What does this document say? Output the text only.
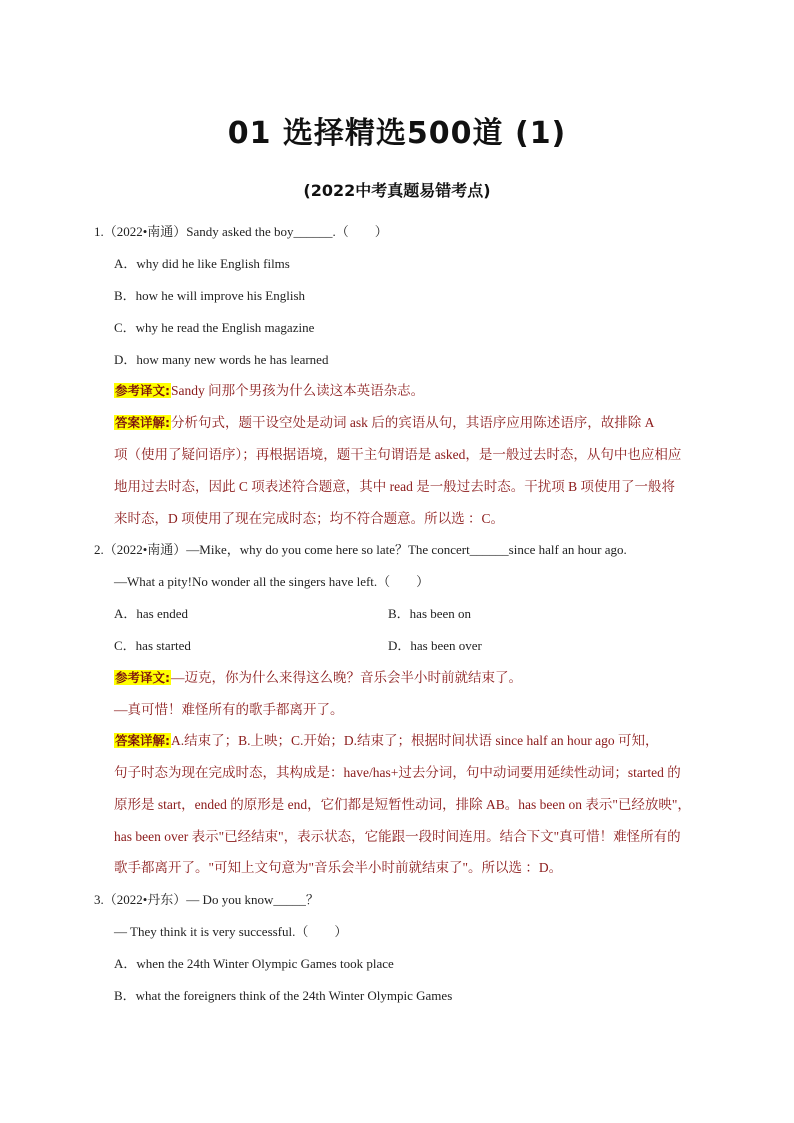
01 选择精选500道 (1)
(2022中考真题易错考点)
1.（2022•南通）Sandy asked the boy______.（　　）
A．why did he like English films
B．how he will improve his English
C．why he read the English magazine
D．how many new words he has learned
参考译文:Sandy 问那个男孩为什么读这本英语杂志。
答案详解:分析句式，题干设空处是动词 ask 后的宾语从句，其语序应用陈述语序，故排除 A
项（使用了疑问语序）；再根据语境，题干主句谓语是 asked，是一般过去时态，从句中也应相应
地用过去时态，因此 C 项表述符合题意，其中 read 是一般过去时态。干扰项 B 项使用了一般将
来时态，D 项使用了现在完成时态；均不符合题意。所以选 ：C。
2.（2022•南通）—Mike，why do you come here so late？The concert______since half an hour ago.
—What a pity!No wonder all the singers have left.（　　）
A．has ended	B．has been on
C．has started	D．has been over
参考译文:—迈克，你为什么来得这么晚？音乐会半小时前就结束了。
—真可惜！难怪所有的歌手都离开了。
答案详解:A.结束了；B.上映；C.开始；D.结束了；根据时间状语 since half an hour ago 可知，
句子时态为现在完成时态，其构成是：have/has+过去分词，句中动词要用延续性动词；started 的
原形是 start，ended 的原形是 end，它们都是短暂性动词，排除 AB。has been on 表示"已经放映"，
has been over 表示"已经结束"，表示状态，它能跟一段时间连用。结合下文"真可惜！难怪所有的
歌手都离开了。"可知上文句意为"音乐会半小时前就结束了"。所以选 ：D。
3.（2022•丹东）— Do you know_____？
— They think it is very successful.（　　）
A．when the 24th Winter Olympic Games took place
B．what the foreigners think of the 24th Winter Olympic Games
